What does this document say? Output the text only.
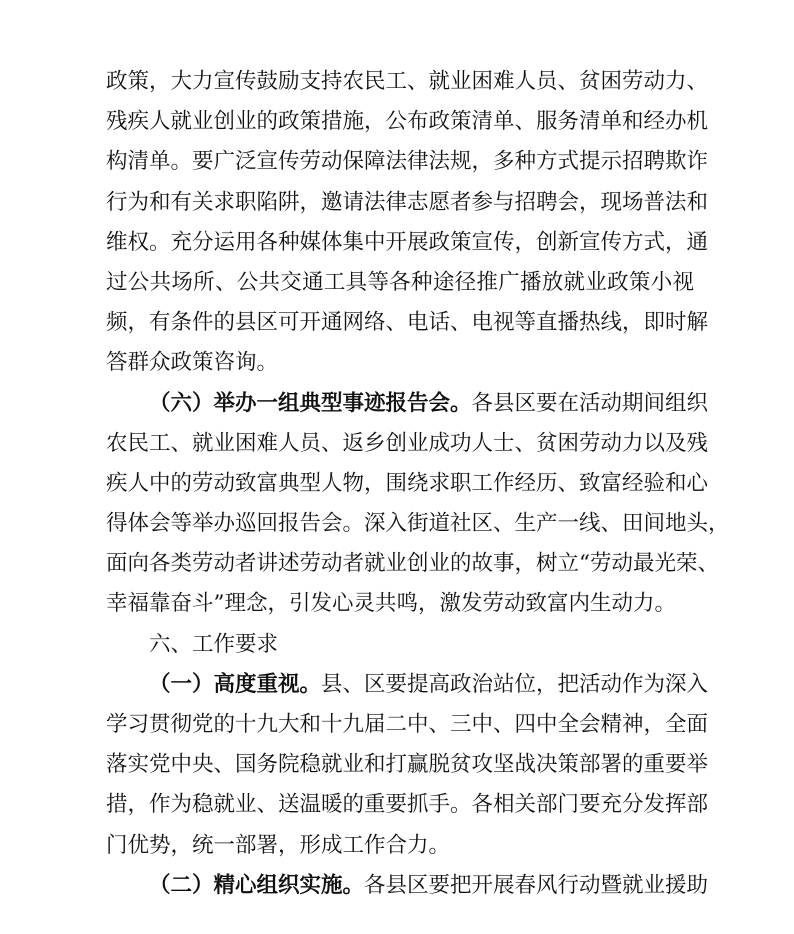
政策，大力宣传鼓励支持农民工、就业困难人员、贫困劳动力、
残疾人就业创业的政策措施，公布政策清单、服务清单和经办机
构清单。要广泛宣传劳动保障法律法规，多种方式提示招聘欺诈
行为和有关求职陷阱，邀请法律志愿者参与招聘会，现场普法和
维权。充分运用各种媒体集中开展政策宣传，创新宣传方式，通
过公共场所、公共交通工具等各种途径推广播放就业政策小视
频，有条件的县区可开通网络、电话、电视等直播热线，即时解
答群众政策咨询。
（六）举办一组典型事迹报告会。各县区要在活动期间组织
农民工、就业困难人员、返乡创业成功人士、贫困劳动力以及残
疾人中的劳动致富典型人物，围绕求职工作经历、致富经验和心
得体会等举办巡回报告会。深入街道社区、生产一线、田间地头，
面向各类劳动者讲述劳动者就业创业的故事，树立“劳动最光荣、
幸福靠奋斗”理念，引发心灵共鸣，激发劳动致富内生动力。
六、工作要求
（一）高度重视。县、区要提高政治站位，把活动作为深入
学习贯彻党的十九大和十九届二中、三中、四中全会精神，全面
落实党中央、国务院稳就业和打赢脱贫攻坚战决策部署的重要举
措，作为稳就业、送温暖的重要抓手。各相关部门要充分发挥部
门优势，统一部署，形成工作合力。
（二）精心组织实施。各县区要把开展春风行动暨就业援助
